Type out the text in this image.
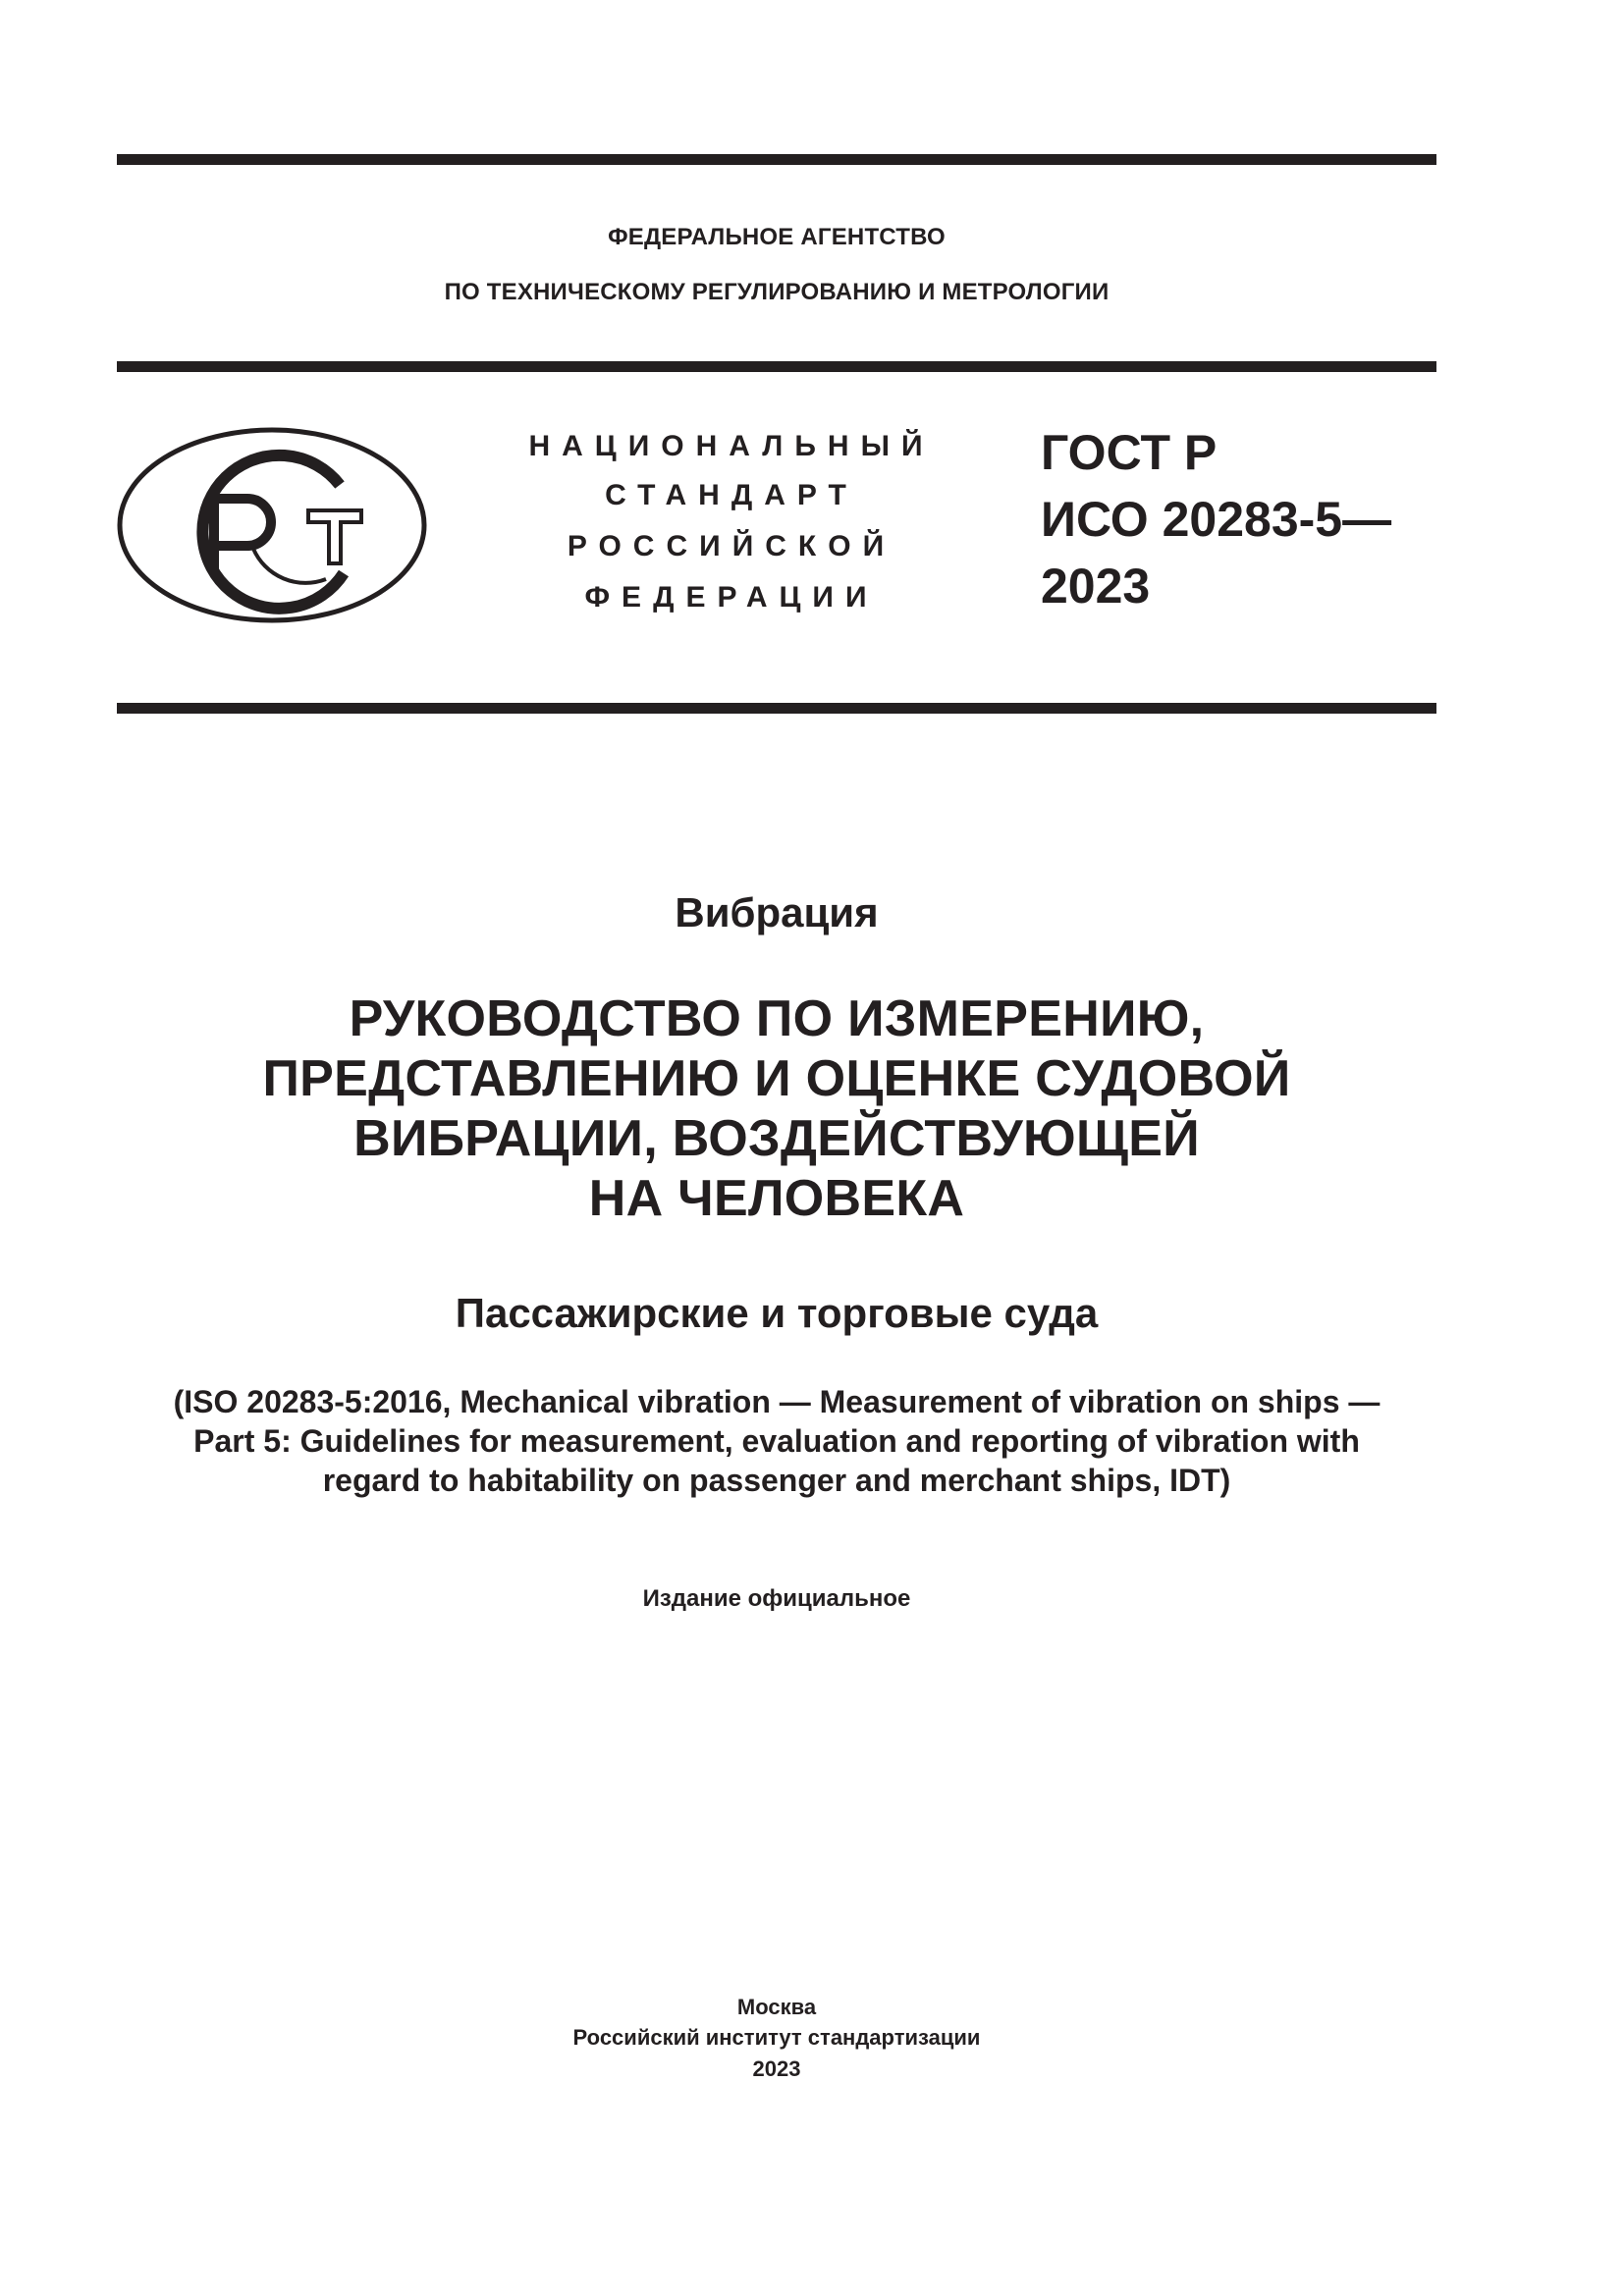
ФЕДЕРАЛЬНОЕ АГЕНТСТВО
ПО ТЕХНИЧЕСКОМУ РЕГУЛИРОВАНИЮ И МЕТРОЛОГИИ
НАЦИОНАЛЬНЫЙ
СТАНДАРТ
РОССИЙСКОЙ
ФЕДЕРАЦИИ
ГОСТ Р
ИСО 20283-5—
2023
Вибрация
РУКОВОДСТВО ПО ИЗМЕРЕНИЮ,
ПРЕДСТАВЛЕНИЮ И ОЦЕНКЕ СУДОВОЙ
ВИБРАЦИИ, ВОЗДЕЙСТВУЮЩЕЙ
НА ЧЕЛОВЕКА
Пассажирские и торговые суда
(ISO 20283-5:2016, Mechanical vibration — Measurement of vibration on ships —
Part 5: Guidelines for measurement, evaluation and reporting of vibration with
regard to habitability on passenger and merchant ships, IDT)
Издание официальное
Москва
Российский институт стандартизации
2023
